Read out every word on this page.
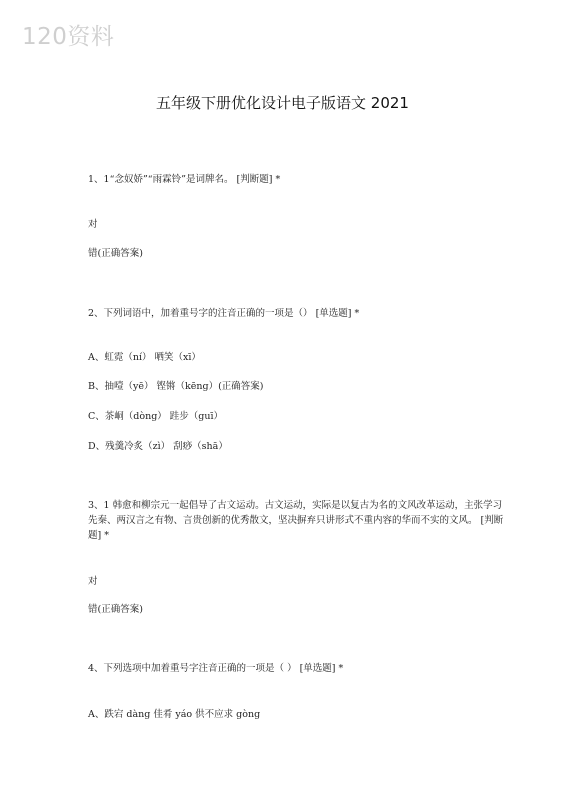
120资料
五年级下册优化设计电子版语文 2021
1、1“念奴娇”“雨霖铃”是词牌名。 [判断题] *
对
错(正确答案)
2、下列词语中，加着重号字的注音正确的一项是（） [单选题] *
A、虹霓（ní） 哂笑（xī）
B、抽噎（yē） 铿锵（kēng）(正确答案)
C、茶峒（dòng） 跬步（guī）
D、残羹冷炙（zì） 刮痧（shā）
3、1 韩愈和柳宗元一起倡导了古文运动。古文运动，实际是以复古为名的文风改革运动，主张学习先秦、两汉言之有物、言贵创新的优秀散文，坚决摒弃只讲形式不重内容的华而不实的文风。 [判断题] *
对
错(正确答案)
4、下列选项中加着重号字注音正确的一项是（ ） [单选题] *
A、跌宕 dàng 佳肴 yáo 供不应求 gòng
